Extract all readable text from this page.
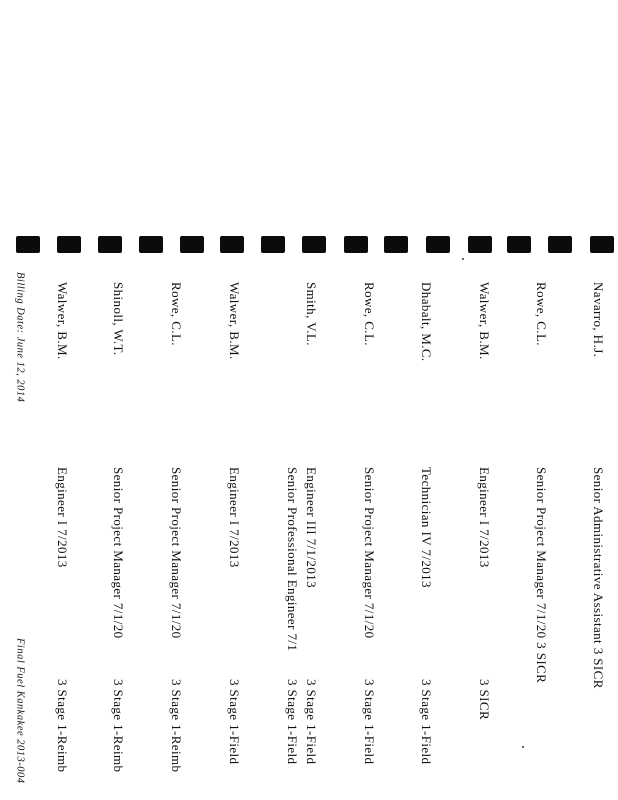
Navarro, H.J.
Senior Administrative Assistant 3 SICR
Rowe, C.L.
Senior Project Manager 7/1/20 3 SICR
Walwer, B.M.
Engineer I 7/2013
3 SICR
Dhabalt, M.C.
Technician IV 7/2013
3 Stage 1-Field
Rowe, C.L.
Senior Project Manager 7/1/20
3 Stage 1-Field
Smith, V.L.
Engineer III 7/1/2013
3 Stage 1-Field
Senior Professional Engineer 7/1
3 Stage 1-Field
Walwer, B.M.
Engineer I 7/2013
3 Stage 1-Field
Rowe, C.L.
Senior Project Manager 7/1/20
3 Stage 1-Reimb
Shinoll, W.T.
Senior Project Manager 7/1/20
3 Stage 1-Reimb
Walwer, B.M.
Engineer I 7/2013
3 Stage 1-Reimb
Billing Date: June 12, 2014
Final Fuel Kankakee 2013-004
